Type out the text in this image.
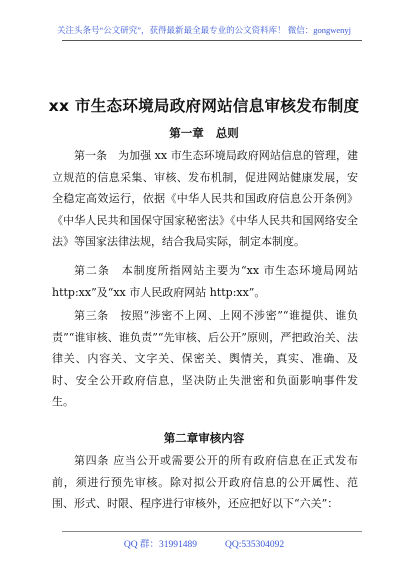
关注头条号“公文研究”，获得最新最全最专业的公文资料库！ 微信：gongwenyj
xx 市生态环境局政府网站信息审核发布制度
第一章 总则
第一条　为加强 xx 市生态环境局政府网站信息的管理，建立规范的信息采集、审核、发布机制，促进网站健康发展，安全稳定高效运行，依据《中华人民共和国政府信息公开条例》《中华人民共和国保守国家秘密法》《中华人民共和国网络安全法》等国家法律法规，结合我局实际，制定本制度。
第二条　本制度所指网站主要为“xx 市生态环境局网站 http:xx”及“xx 市人民政府网站 http:xx”。
第三条　按照“涉密不上网、上网不涉密”“谁提供、谁负责”“谁审核、谁负责”“先审核、后公开”原则，严把政治关、法律关、内容关、文字关、保密关、舆情关，真实、准确、及时、安全公开政府信息，坚决防止失泄密和负面影响事件发生。
第二章审核内容
第四条 应当公开或需要公开的所有政府信息在正式发布前，须进行预先审核。除对拟公开政府信息的公开属性、范围、形式、时限、程序进行审核外，还应把好以下“六关”：
QQ 群：31991489	QQ:535304092
